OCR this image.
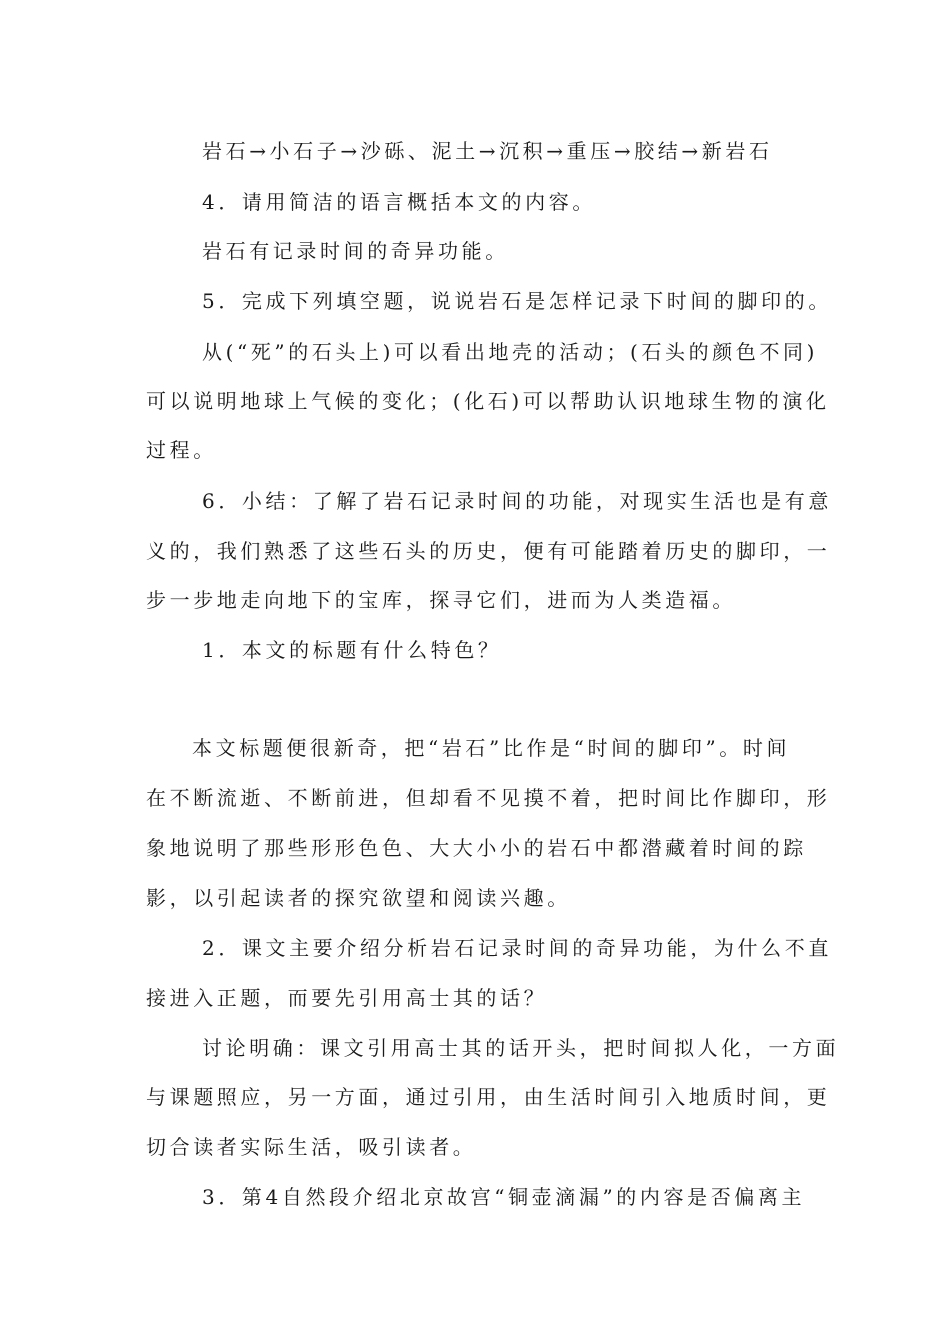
岩石→小石子→沙砾、泥土→沉积→重压→胶结→新岩石
4．请用简洁的语言概括本文的内容。
岩石有记录时间的奇异功能。
5．完成下列填空题，说说岩石是怎样记录下时间的脚印的。
从(“死”的石头上)可以看出地壳的活动；(石头的颜色不同)
可以说明地球上气候的变化；(化石)可以帮助认识地球生物的演化
过程。
6．小结：了解了岩石记录时间的功能，对现实生活也是有意
义的，我们熟悉了这些石头的历史，便有可能踏着历史的脚印，一
步一步地走向地下的宝库，探寻它们，进而为人类造福。
1．本文的标题有什么特色？
本文标题便很新奇，把“岩石”比作是“时间的脚印”。时间
在不断流逝、不断前进，但却看不见摸不着，把时间比作脚印，形
象地说明了那些形形色色、大大小小的岩石中都潜藏着时间的踪
影，以引起读者的探究欲望和阅读兴趣。
2．课文主要介绍分析岩石记录时间的奇异功能，为什么不直
接进入正题，而要先引用高士其的话？
讨论明确：课文引用高士其的话开头，把时间拟人化，一方面
与课题照应，另一方面，通过引用，由生活时间引入地质时间，更
切合读者实际生活，吸引读者。
3．第4自然段介绍北京故宫“铜壶滴漏”的内容是否偏离主
